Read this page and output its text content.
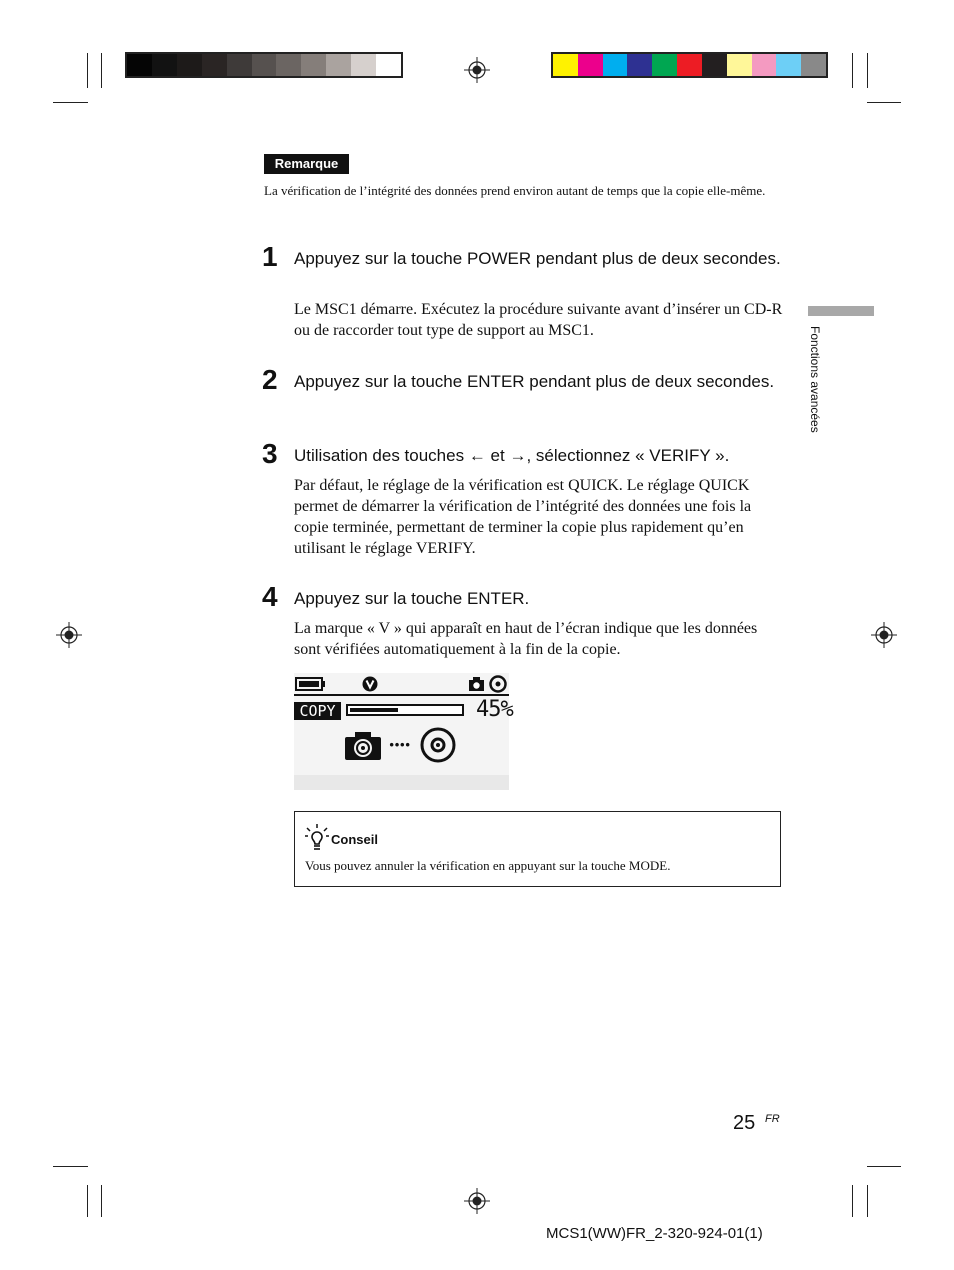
Remarque
La vérification de l’intégrité des données prend environ autant de temps que la copie elle-même.
1 Appuyez sur la touche POWER pendant plus de deux secondes.
Le MSC1 démarre. Exécutez la procédure suivante avant d’insérer un CD-R ou de raccorder tout type de support au MSC1.
2 Appuyez sur la touche ENTER pendant plus de deux secondes.
3 Utilisation des touches ← et →, sélectionnez « VERIFY ».
Par défaut, le réglage de la vérification est QUICK. Le réglage QUICK permet de démarrer la vérification de l’intégrité des données une fois la copie terminée, permettant de terminer la copie plus rapidement qu’en utilisant le réglage VERIFY.
4 Appuyez sur la touche ENTER.
La marque « V » qui apparaît en haut de l’écran indique que les données sont vérifiées automatiquement à la fin de la copie.
COPY	45%
····
Conseil
Vous pouvez annuler la vérification en appuyant sur la touche MODE.
Fonctions avancées
25 FR
MCS1(WW)FR_2-320-924-01(1)
